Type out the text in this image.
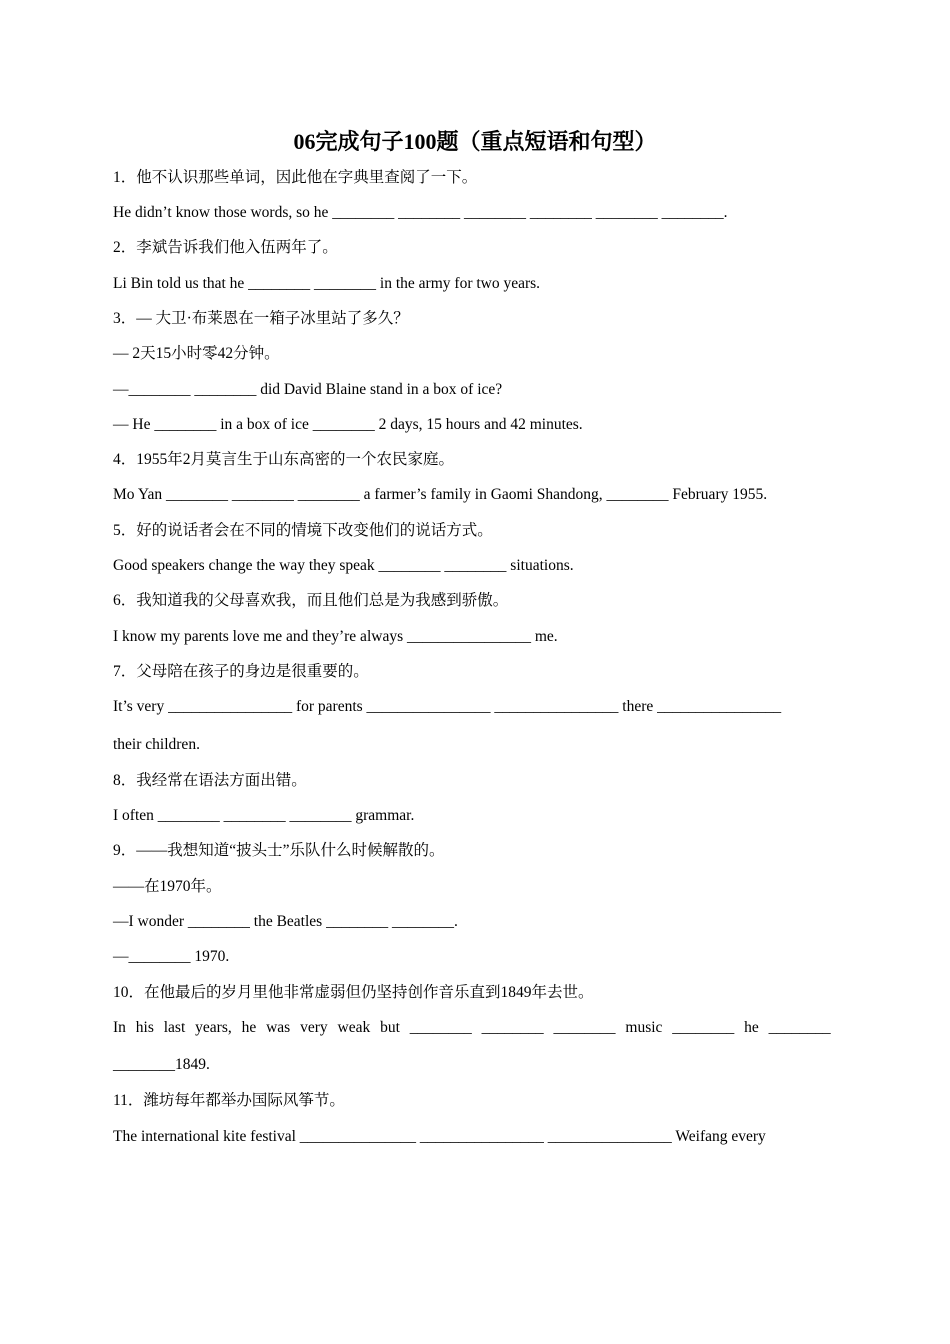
06完成句子100题（重点短语和句型）
1．他不认识那些单词，因此他在字典里查阅了一下。
He didn’t know those words, so he ________ ________ ________ ________ ________ ________.
2．李斌告诉我们他入伍两年了。
Li Bin told us that he ________ ________ in the army for two years.
3．— 大卫·布莱恩在一箱子冰里站了多久？
— 2天15小时零42分钟。
—________ ________ did David Blaine stand in a box of ice?
— He ________ in a box of ice ________ 2 days, 15 hours and 42 minutes.
4．1955年2月莫言生于山东高密的一个农民家庭。
Mo Yan ________ ________ ________ a farmer’s family in Gaomi Shandong, ________ February 1955.
5．好的说话者会在不同的情境下改变他们的说话方式。
Good speakers change the way they speak ________ ________ situations.
6．我知道我的父母喜欢我，而且他们总是为我感到骄傲。
I know my parents love me and they’re always ________________ me.
7．父母陪在孩子的身边是很重要的。
It’s very ________________ for parents ________________ ________________ there ________________
their children.
8．我经常在语法方面出错。
I often ________ ________ ________ grammar.
9．——我想知道“披头士”乐队什么时候解散的。
——在1970年。
—I wonder ________ the Beatles ________ ________.
—________ 1970.
10．在他最后的岁月里他非常虚弱但仍坚持创作音乐直到1849年去世。
In his last years, he was very weak but ________ ________ ________ music ________ he ________
________1849.
11．潍坊每年都举办国际风筝节。
The international kite festival _______________ ________________ ________________ Weifang every
